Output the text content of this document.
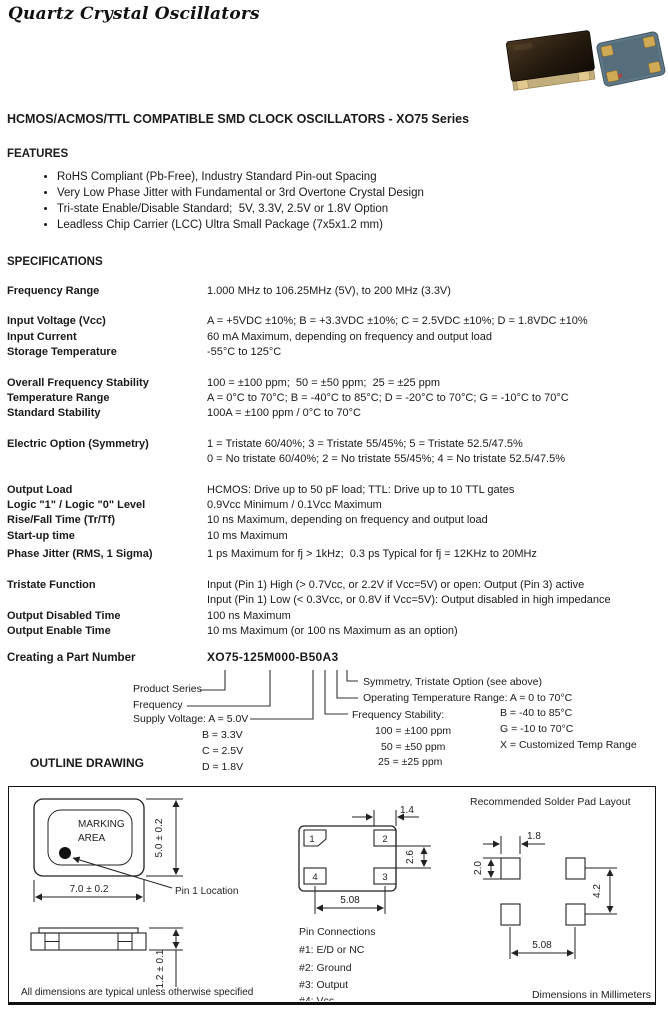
Quartz Crystal Oscillators
HCMOS/ACMOS/TTL COMPATIBLE SMD CLOCK OSCILLATORS - XO75 Series
FEATURES
• RoHS Compliant (Pb-Free), Industry Standard Pin-out Spacing
• Very Low Phase Jitter with Fundamental or 3rd Overtone Crystal Design
• Tri-state Enable/Disable Standard;  5V, 3.3V, 2.5V or 1.8V Option
• Leadless Chip Carrier (LCC) Ultra Small Package (7x5x1.2 mm)
SPECIFICATIONS
Frequency Range	1.000 MHz to 106.25MHz (5V), to 200 MHz (3.3V)
Input Voltage (Vcc)	A = +5VDC ±10%; B = +3.3VDC ±10%; C = 2.5VDC ±10%; D = 1.8VDC ±10%
Input Current	60 mA Maximum, depending on frequency and output load
Storage Temperature	-55°C to 125°C
Overall Frequency Stability	100 = ±100 ppm;  50 = ±50 ppm;  25 = ±25 ppm
Temperature Range	A = 0°C to 70°C; B = -40°C to 85°C; D = -20°C to 70°C; G = -10°C to 70°C
Standard Stability	100A = ±100 ppm / 0°C to 70°C
Electric Option (Symmetry)	1 = Tristate 60/40%; 3 = Tristate 55/45%; 5 = Tristate 52.5/47.5%
0 = No tristate 60/40%; 2 = No tristate 55/45%; 4 = No tristate 52.5/47.5%
Output Load	HCMOS: Drive up to 50 pF load; TTL: Drive up to 10 TTL gates
Logic "1" / Logic "0" Level	0.9Vcc Minimum / 0.1Vcc Maximum
Rise/Fall Time (Tr/Tf)	10 ns Maximum, depending on frequency and output load
Start-up time	10 ms Maximum
Phase Jitter (RMS, 1 Sigma)	1 ps Maximum for fj > 1kHz;  0.3 ps Typical for fj = 12KHz to 20MHz
Tristate Function	Input (Pin 1) High (> 0.7Vcc, or 2.2V if Vcc=5V) or open: Output (Pin 3) active
Input (Pin 1) Low (< 0.3Vcc, or 0.8V if Vcc=5V): Output disabled in high impedance
Output Disabled Time	100 ns Maximum
Output Enable Time	10 ms Maximum (or 100 ns Maximum as an option)
Creating a Part Number	XO75-125M000-B50A3
Product Series
Frequency
Supply Voltage: A = 5.0V
B = 3.3V
C = 2.5V
D = 1.8V
Symmetry, Tristate Option (see above)
Operating Temperature Range: A = 0 to 70°C
B = -40 to 85°C
G = -10 to 70°C
X = Customized Temp Range
Frequency Stability:
100 = ±100 ppm
50 = ±50 ppm
25 = ±25 ppm
OUTLINE DRAWING
MARKING
AREA
Pin 1 Location
5.0 ± 0.2
7.0 ± 0.2
1.2 ± 0.1
All dimensions are typical unless otherwise specified
1	2
3
4
1.4
2.6
5.08
Pin Connections
#1: E/D or NC
#2: Ground
#3: Output
#4: Vcc
Recommended Solder Pad Layout
1.8
2.0
4.2
5.08
Dimensions in Millimeters
